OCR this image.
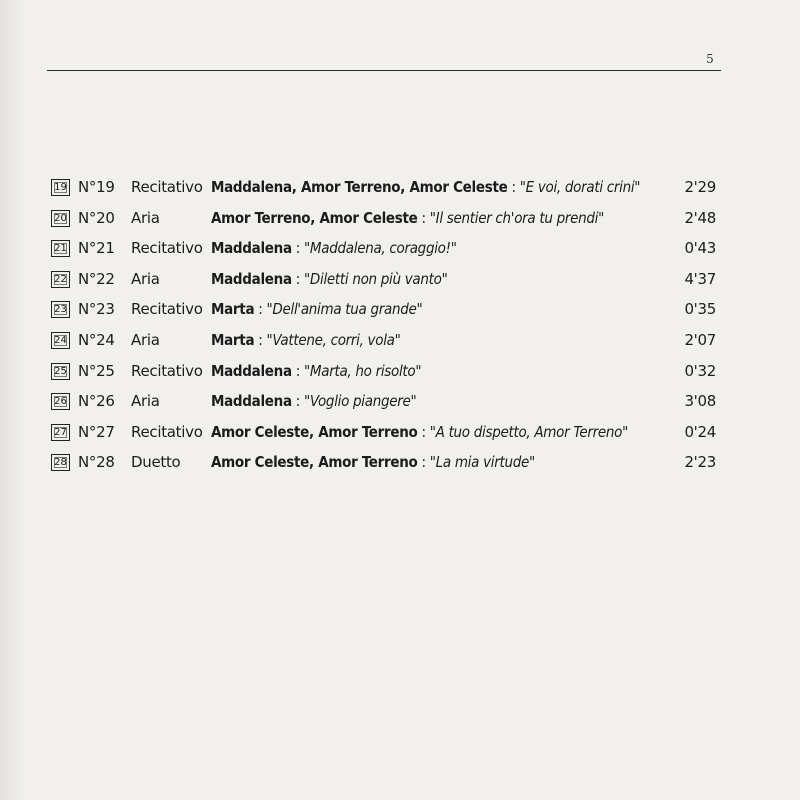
5
19 N°19 Recitativo Maddalena, Amor Terreno, Amor Celeste : "E voi, dorati crini"	2'29
20 N°20 Aria	Amor Terreno, Amor Celeste : "Il sentier ch'ora tu prendi"	2'48
21 N°21 Recitativo Maddalena : "Maddalena, coraggio!"	0'43
22 N°22 Aria	Maddalena : "Diletti non più vanto"	4'37
23 N°23 Recitativo Marta : "Dell'anima tua grande"	0'35
24 N°24 Aria	Marta : "Vattene, corri, vola"	2'07
25 N°25 Recitativo Maddalena : "Marta, ho risolto"	0'32
26 N°26 Aria	Maddalena : "Voglio piangere"	3'08
27 N°27 Recitativo Amor Celeste, Amor Terreno : "A tuo dispetto, Amor Terreno"	0'24
28 N°28 Duetto Amor Celeste, Amor Terreno : "La mia virtude"	2'23
